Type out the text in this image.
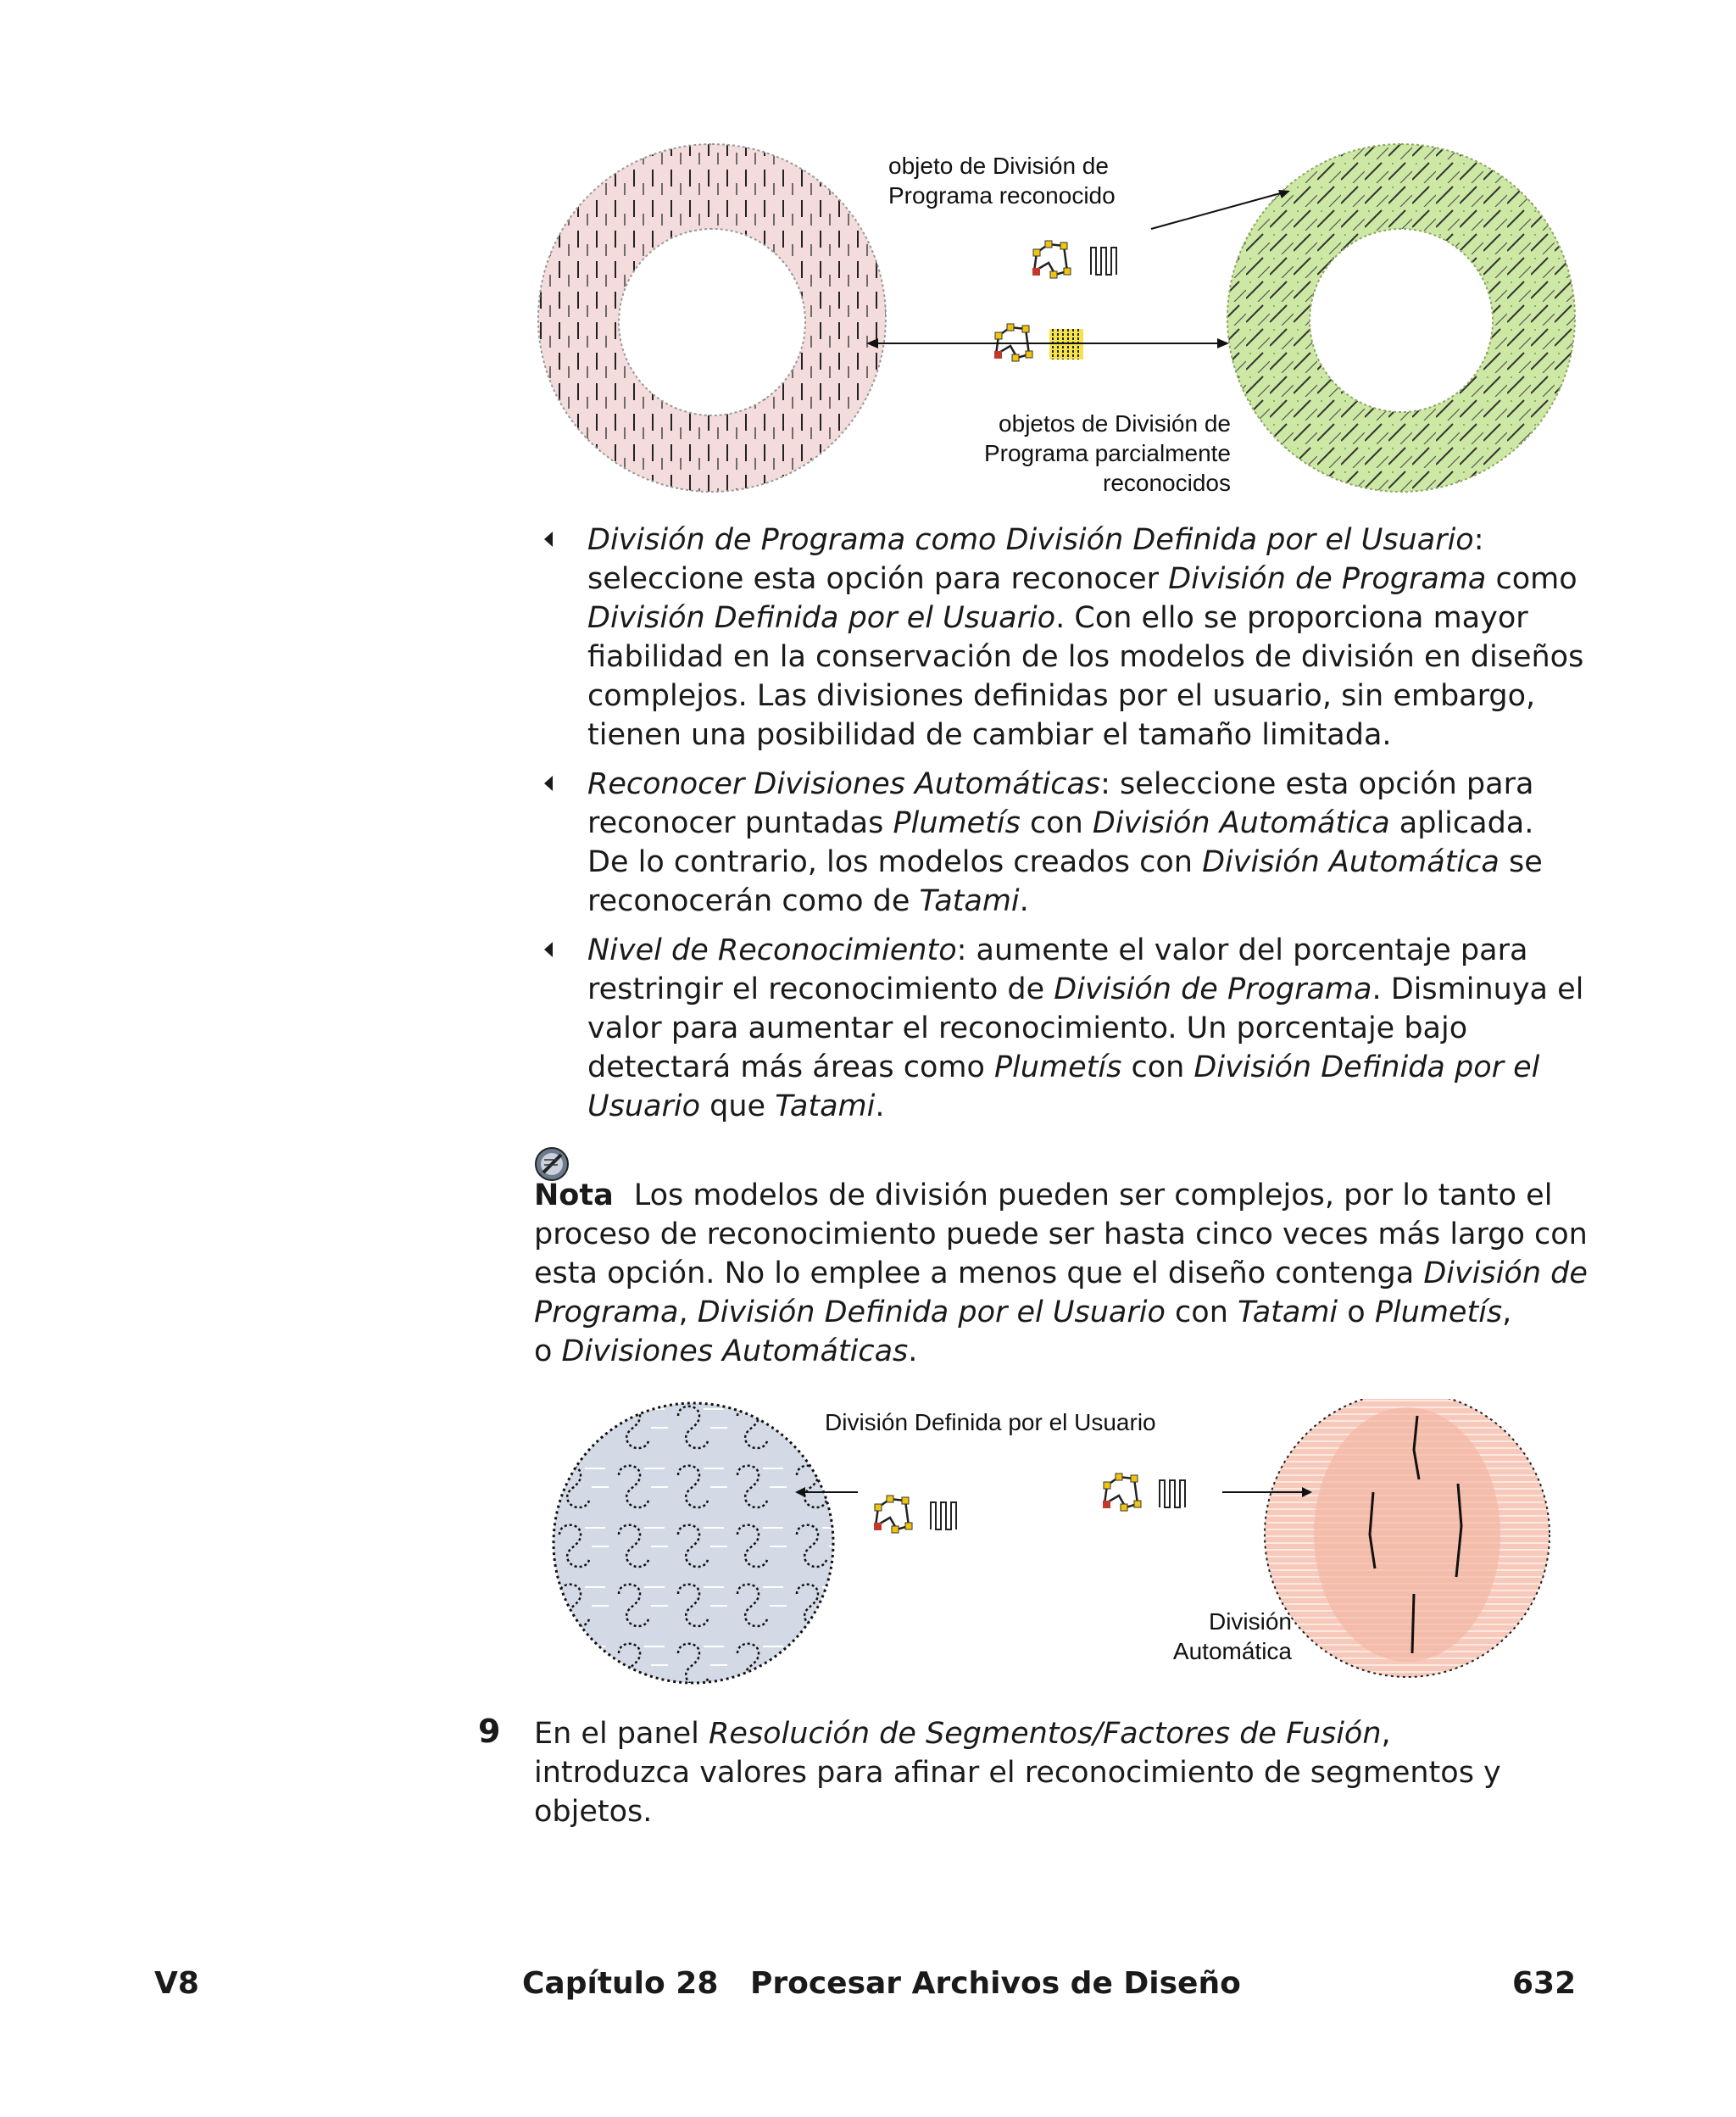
objeto de División de
Programa reconocido
objetos de División de
Programa parcialmente
reconocidos
División de Programa como División Definida por el Usuario:
seleccione esta opción para reconocer División de Programa como
División Definida por el Usuario. Con ello se proporciona mayor
fiabilidad en la conservación de los modelos de división en diseños
complejos. Las divisiones definidas por el usuario, sin embargo,
tienen una posibilidad de cambiar el tamaño limitada.
Reconocer Divisiones Automáticas: seleccione esta opción para
reconocer puntadas Plumetís con División Automática aplicada.
De lo contrario, los modelos creados con División Automática se
reconocerán como de Tatami.
Nivel de Reconocimiento: aumente el valor del porcentaje para
restringir el reconocimiento de División de Programa. Disminuya el
valor para aumentar el reconocimiento. Un porcentaje bajo
detectará más áreas como Plumetís con División Definida por el
Usuario que Tatami.
Nota Los modelos de división pueden ser complejos, por lo tanto el
proceso de reconocimiento puede ser hasta cinco veces más largo con
esta opción. No lo emplee a menos que el diseño contenga División de
Programa, División Definida por el Usuario con Tatami o Plumetís,
o Divisiones Automáticas.
División Definida por el Usuario
División
Automática
9 En el panel Resolución de Segmentos/Factores de Fusión,
introduzca valores para afinar el reconocimiento de segmentos y
objetos.
V8	Capítulo 28   Procesar Archivos de Diseño	632
